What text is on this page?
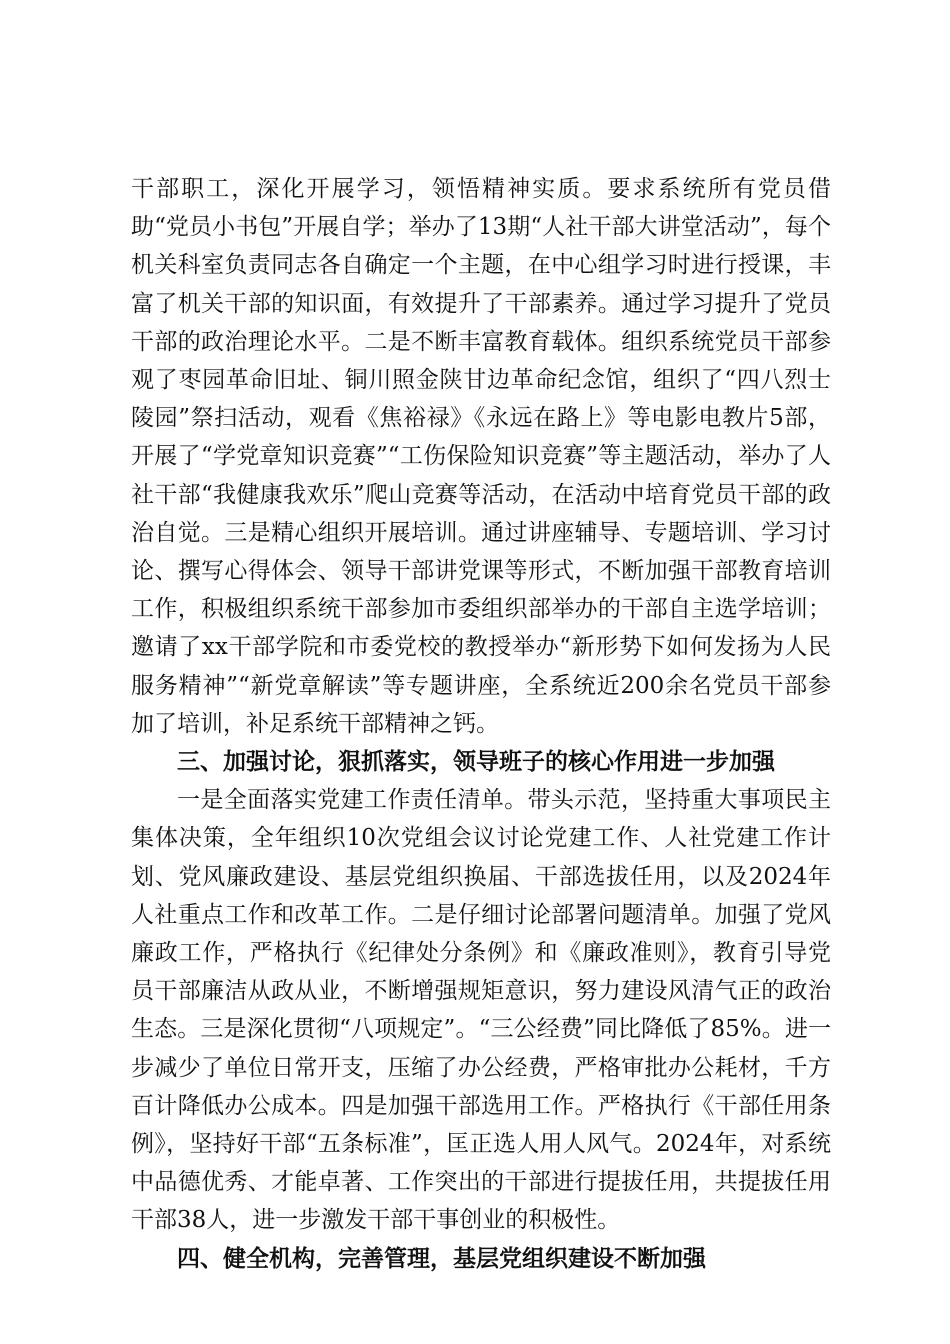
干部职工，深化开展学习，领悟精神实质。要求系统所有党员借助“党员小书包”开展自学；举办了13期“人社干部大讲堂活动”，每个机关科室负责同志各自确定一个主题，在中心组学习时进行授课，丰富了机关干部的知识面，有效提升了干部素养。通过学习提升了党员干部的政治理论水平。二是不断丰富教育载体。组织系统党员干部参观了枣园革命旧址、铜川照金陕甘边革命纪念馆，组织了“四八烈士陵园”祭扫活动，观看《焦裕禄》《永远在路上》等电影电教片5部，开展了“学党章知识竞赛”“工伤保险知识竞赛”等主题活动，举办了人社干部“我健康我欢乐”爬山竞赛等活动，在活动中培育党员干部的政治自觉。三是精心组织开展培训。通过讲座辅导、专题培训、学习讨论、撰写心得体会、领导干部讲党课等形式，不断加强干部教育培训工作，积极组织系统干部参加市委组织部举办的干部自主选学培训；邀请了xx干部学院和市委党校的教授举办“新形势下如何发扬为人民服务精神”“新党章解读”等专题讲座，全系统近200余名党员干部参加了培训，补足系统干部精神之钙。

三、加强讨论，狠抓落实，领导班子的核心作用进一步加强

一是全面落实党建工作责任清单。带头示范，坚持重大事项民主集体决策，全年组织10次党组会议讨论党建工作、人社党建工作计划、党风廉政建设、基层党组织换届、干部选拔任用，以及2024年人社重点工作和改革工作。二是仔细讨论部署问题清单。加强了党风廉政工作，严格执行《纪律处分条例》和《廉政准则》，教育引导党员干部廉洁从政从业，不断增强规矩意识，努力建设风清气正的政治生态。三是深化贯彻“八项规定”。“三公经费”同比降低了85%。进一步减少了单位日常开支，压缩了办公经费，严格审批办公耗材，千方百计降低办公成本。四是加强干部选用工作。严格执行《干部任用条例》，坚持好干部“五条标准”，匡正选人用人风气。2024年，对系统中品德优秀、才能卓著、工作突出的干部进行提拔任用，共提拔任用干部38人，进一步激发干部干事创业的积极性。

四、健全机构，完善管理，基层党组织建设不断加强
